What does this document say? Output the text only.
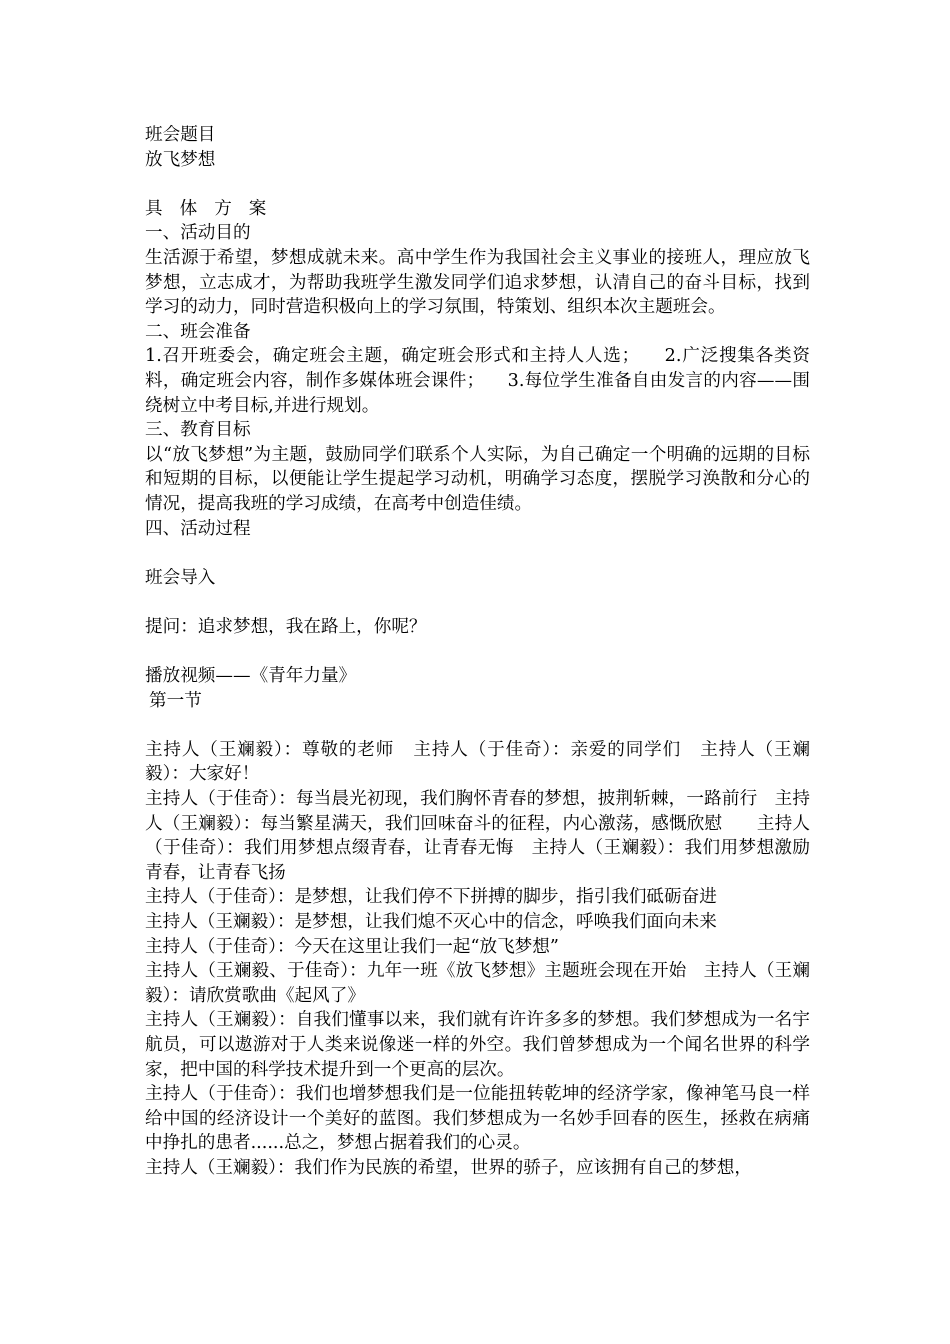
班会题目

放飞梦想

具体方案

一、活动目的

生活源于希望，梦想成就未来。高中学生作为我国社会主义事业的接班人，理应放飞梦想，立志成才，为帮助我班学生激发同学们追求梦想，认清自己的奋斗目标，找到学习的动力，同时营造积极向上的学习氛围，特策划、组织本次主题班会。

二、班会准备

1.召开班委会，确定班会主题，确定班会形式和主持人人选；    2.广泛搜集各类资料，确定班会内容，制作多媒体班会课件；    3.每位学生准备自由发言的内容——围绕树立中考目标,并进行规划。

三、教育目标

以“放飞梦想”为主题，鼓励同学们联系个人实际，为自己确定一个明确的远期的目标和短期的目标，以便能让学生提起学习动机，明确学习态度，摆脱学习涣散和分心的情况，提高我班的学习成绩，在高考中创造佳绩。

四、活动过程

班会导入

提问：追求梦想，我在路上，你呢？

播放视频——《青年力量》

第一节

主持人（王斓毅）：尊敬的老师   主持人（于佳奇）：亲爱的同学们   主持人（王斓毅）：大家好！

主持人（于佳奇）：每当晨光初现，我们胸怀青春的梦想，披荆斩棘，一路前行   主持人（王斓毅）：每当繁星满天，我们回味奋斗的征程，内心激荡，感慨欣慰      主持人（于佳奇）：我们用梦想点缀青春，让青春无悔   主持人（王斓毅）：我们用梦想激励青春，让青春飞扬

主持人（于佳奇）：是梦想，让我们停不下拼搏的脚步，指引我们砥砺奋进

主持人（王斓毅）：是梦想，让我们熄不灭心中的信念，呼唤我们面向未来

主持人（于佳奇）：今天在这里让我们一起“放飞梦想”

主持人（王斓毅、于佳奇）：九年一班《放飞梦想》主题班会现在开始   主持人（王斓毅）：请欣赏歌曲《起风了》

主持人（王斓毅）：自我们懂事以来，我们就有许许多多的梦想。我们梦想成为一名宇航员，可以遨游对于人类来说像迷一样的外空。我们曾梦想成为一个闻名世界的科学家，把中国的科学技术提升到一个更高的层次。

主持人（于佳奇）：我们也增梦想我们是一位能扭转乾坤的经济学家，像神笔马良一样给中国的经济设计一个美好的蓝图。我们梦想成为一名妙手回春的医生，拯救在病痛中挣扎的患者......总之，梦想占据着我们的心灵。

主持人（王斓毅）：我们作为民族的希望，世界的骄子，应该拥有自己的梦想，
